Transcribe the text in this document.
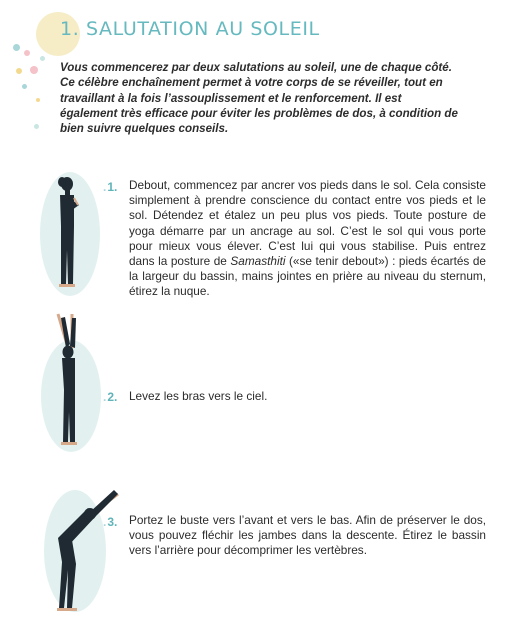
1. SALUTATION AU SOLEIL

Vous commencerez par deux salutations au soleil, une de chaque côté. Ce célèbre enchaînement permet à votre corps de se réveiller, tout en travaillant à la fois l’assouplissement et le renforcement. Il est également très efficace pour éviter les problèmes de dos, à condition de bien suivre quelques conseils.

.1. Debout, commencez par ancrer vos pieds dans le sol. Cela consiste simplement à prendre conscience du contact entre vos pieds et le sol. Détendez et étalez un peu plus vos pieds. Toute posture de yoga démarre par un ancrage au sol. C’est le sol qui vous porte pour mieux vous élever. C’est lui qui vous stabilise. Puis entrez dans la posture de Samasthiti («se tenir debout») : pieds écartés de la largeur du bassin, mains jointes en prière au niveau du sternum, étirez la nuque.

.2. Levez les bras vers le ciel.

.3. Portez le buste vers l’avant et vers le bas. Afin de préserver le dos, vous pouvez fléchir les jambes dans la descente. Étirez le bassin vers l’arrière pour décomprimer les vertèbres.
